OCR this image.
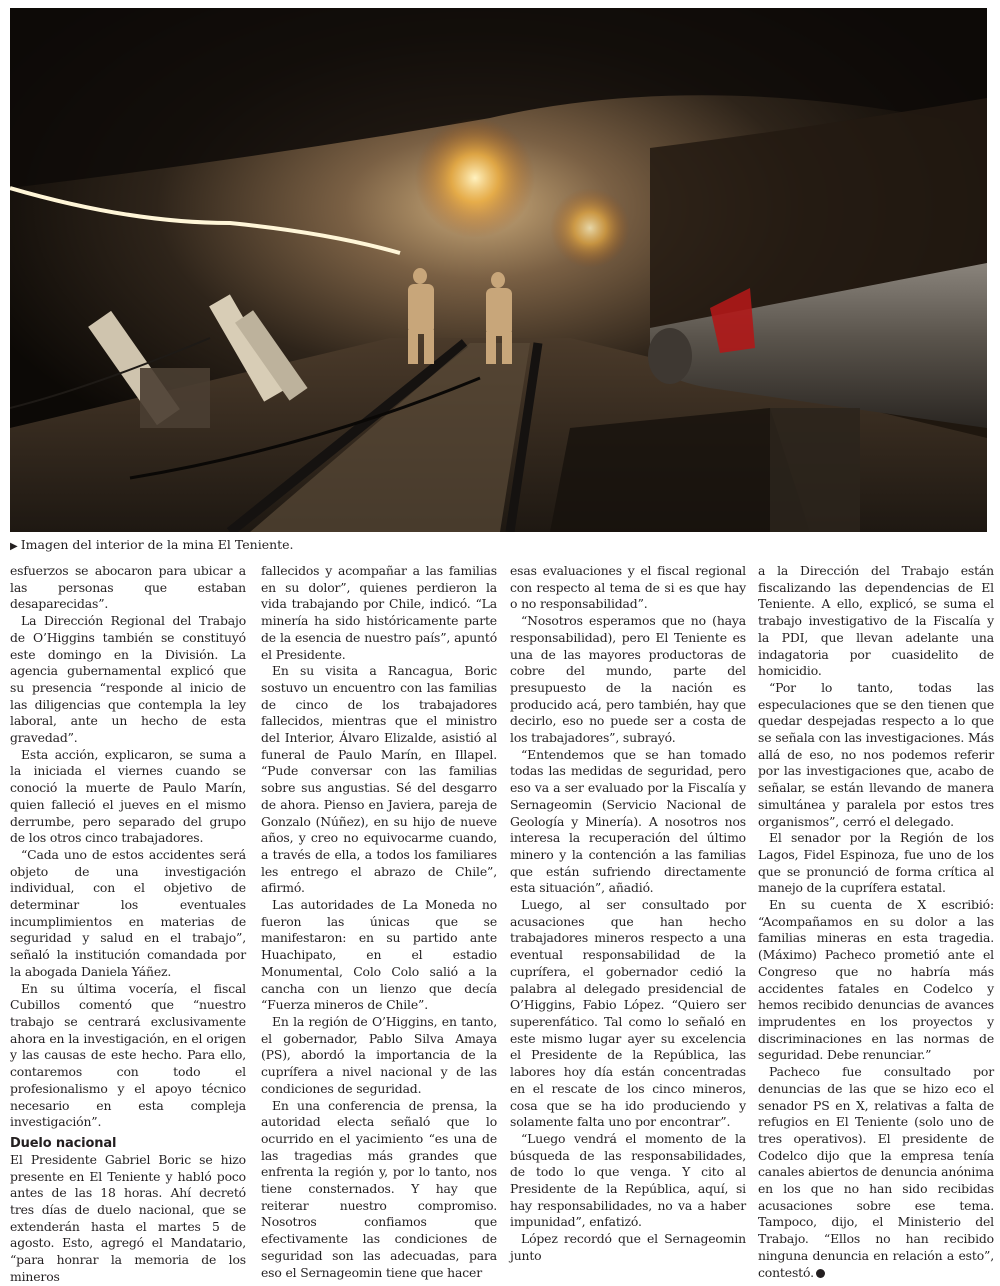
▶ Imagen del interior de la mina El Teniente.

esfuerzos se abocaron para ubicar a las personas que estaban desaparecidas”.

La Dirección Regional del Trabajo de O’Higgins también se constituyó este domingo en la División. La agencia gubernamental explicó que su presencia “responde al inicio de las diligencias que contempla la ley laboral, ante un hecho de esta gravedad”.

Esta acción, explicaron, se suma a la iniciada el viernes cuando se conoció la muerte de Paulo Marín, quien falleció el jueves en el mismo derrumbe, pero separado del grupo de los otros cinco trabajadores.

“Cada uno de estos accidentes será objeto de una investigación individual, con el objetivo de determinar los eventuales incumplimientos en materias de seguridad y salud en el trabajo”, señaló la institución comandada por la abogada Daniela Yáñez.

En su última vocería, el fiscal Cubillos comentó que “nuestro trabajo se centrará exclusivamente ahora en la investigación, en el origen y las causas de este hecho. Para ello, contaremos con todo el profesionalismo y el apoyo técnico necesario en esta compleja investigación”.

Duelo nacional

El Presidente Gabriel Boric se hizo presente en El Teniente y habló poco antes de las 18 horas. Ahí decretó tres días de duelo nacional, que se extenderán hasta el martes 5 de agosto. Esto, agregó el Mandatario, “para honrar la memoria de los mineros

fallecidos y acompañar a las familias en su dolor”, quienes perdieron la vida trabajando por Chile, indicó. “La minería ha sido históricamente parte de la esencia de nuestro país”, apuntó el Presidente.

En su visita a Rancagua, Boric sostuvo un encuentro con las familias de cinco de los trabajadores fallecidos, mientras que el ministro del Interior, Álvaro Elizalde, asistió al funeral de Paulo Marín, en Illapel. “Pude conversar con las familias sobre sus angustias. Sé del desgarro de ahora. Pienso en Javiera, pareja de Gonzalo (Núñez), en su hijo de nueve años, y creo no equivocarme cuando, a través de ella, a todos los familiares les entrego el abrazo de Chile”, afirmó.

Las autoridades de La Moneda no fueron las únicas que se manifestaron: en su partido ante Huachipato, en el estadio Monumental, Colo Colo salió a la cancha con un lienzo que decía “Fuerza mineros de Chile”.

En la región de O’Higgins, en tanto, el gobernador, Pablo Silva Amaya (PS), abordó la importancia de la cuprífera a nivel nacional y de las condiciones de seguridad.

En una conferencia de prensa, la autoridad electa señaló que lo ocurrido en el yacimiento “es una de las tragedias más grandes que enfrenta la región y, por lo tanto, nos tiene consternados. Y hay que reiterar nuestro compromiso. Nosotros confiamos que efectivamente las condiciones de seguridad son las adecuadas, para eso el Sernageomin tiene que hacer

esas evaluaciones y el fiscal regional con respecto al tema de si es que hay o no responsabilidad”.

“Nosotros esperamos que no (haya responsabilidad), pero El Teniente es una de las mayores productoras de cobre del mundo, parte del presupuesto de la nación es producido acá, pero también, hay que decirlo, eso no puede ser a costa de los trabajadores”, subrayó.

“Entendemos que se han tomado todas las medidas de seguridad, pero eso va a ser evaluado por la Fiscalía y Sernageomin (Servicio Nacional de Geología y Minería). A nosotros nos interesa la recuperación del último minero y la contención a las familias que están sufriendo directamente esta situación”, añadió.

Luego, al ser consultado por acusaciones que han hecho trabajadores mineros respecto a una eventual responsabilidad de la cuprífera, el gobernador cedió la palabra al delegado presidencial de O’Higgins, Fabio López. “Quiero ser superenfático. Tal como lo señaló en este mismo lugar ayer su excelencia el Presidente de la República, las labores hoy día están concentradas en el rescate de los cinco mineros, cosa que se ha ido produciendo y solamente falta uno por encontrar”.

“Luego vendrá el momento de la búsqueda de las responsabilidades, de todo lo que venga. Y cito al Presidente de la República, aquí, si hay responsabilidades, no va a haber impunidad”, enfatizó.

López recordó que el Sernageomin junto

a la Dirección del Trabajo están fiscalizando las dependencias de El Teniente. A ello, explicó, se suma el trabajo investigativo de la Fiscalía y la PDI, que llevan adelante una indagatoria por cuasidelito de homicidio.

“Por lo tanto, todas las especulaciones que se den tienen que quedar despejadas respecto a lo que se señala con las investigaciones. Más allá de eso, no nos podemos referir por las investigaciones que, acabo de señalar, se están llevando de manera simultánea y paralela por estos tres organismos”, cerró el delegado.

El senador por la Región de los Lagos, Fidel Espinoza, fue uno de los que se pronunció de forma crítica al manejo de la cuprífera estatal.

En su cuenta de X escribió: “Acompañamos en su dolor a las familias mineras en esta tragedia. (Máximo) Pacheco prometió ante el Congreso que no habría más accidentes fatales en Codelco y hemos recibido denuncias de avances imprudentes en los proyectos y discriminaciones en las normas de seguridad. Debe renunciar.”

Pacheco fue consultado por denuncias de las que se hizo eco el senador PS en X, relativas a falta de refugios en El Teniente (solo uno de tres operativos). El presidente de Codelco dijo que la empresa tenía canales abiertos de denuncia anónima en los que no han sido recibidas acusaciones sobre ese tema. Tampoco, dijo, el Ministerio del Trabajo. “Ellos no han recibido ninguna denuncia en relación a esto”, contestó.
